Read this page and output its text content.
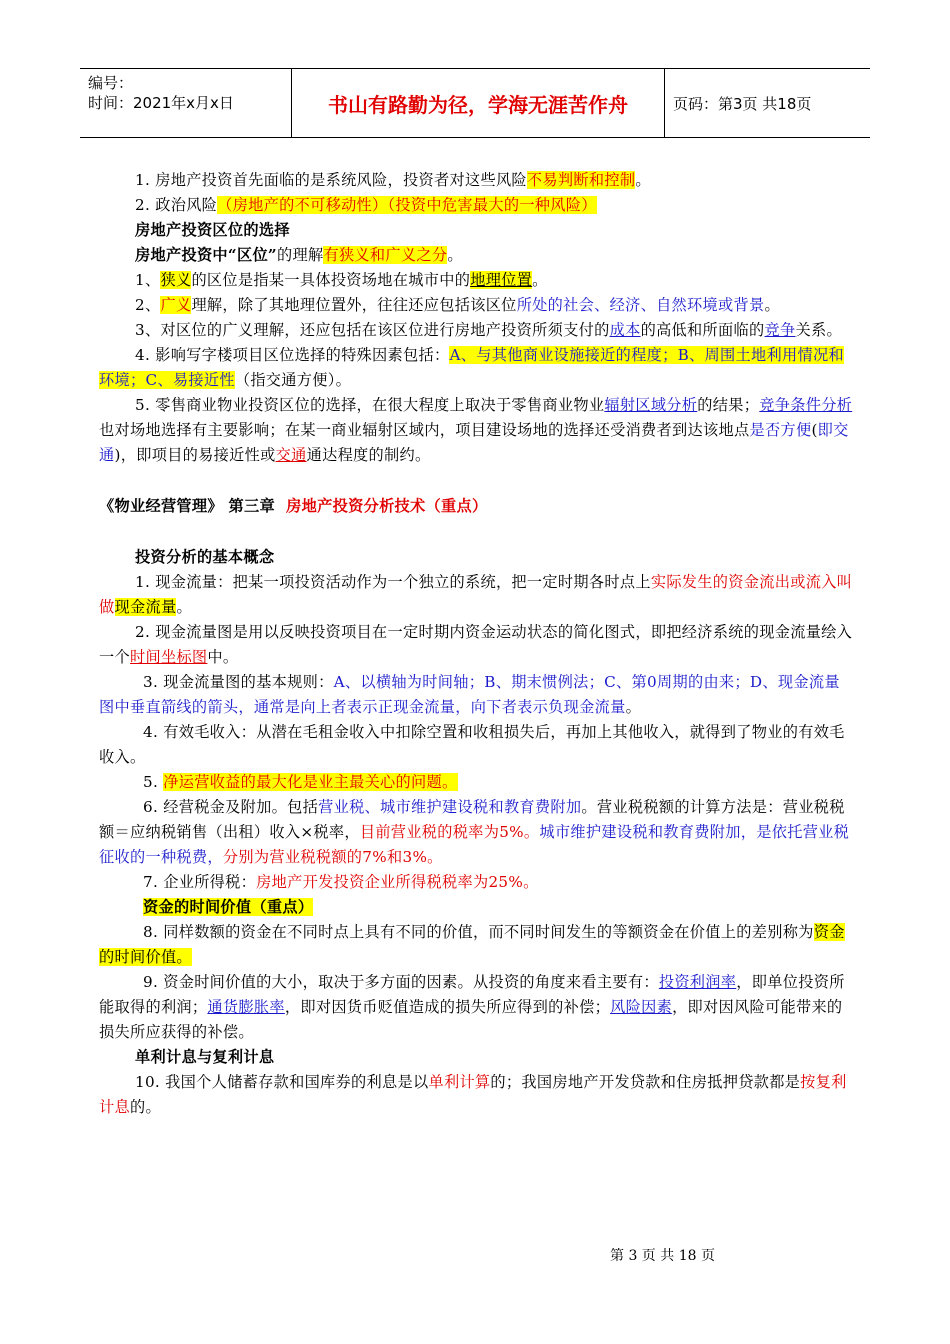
编号：
时间：2021年x月x日	书山有路勤为径，学海无涯苦作舟	页码：第3页 共18页

1. 房地产投资首先面临的是系统风险，投资者对这些风险不易判断和控制。

2. 政治风险（房地产的不可移动性）（投资中危害最大的一种风险）

房地产投资区位的选择

房地产投资中“区位”的理解有狭义和广义之分。

1、狭义的区位是指某一具体投资场地在城市中的地理位置。

2、广义理解，除了其地理位置外，往往还应包括该区位所处的社会、经济、自然环境或背景。

3、对区位的广义理解，还应包括在该区位进行房地产投资所须支付的成本的高低和所面临的竞争关系。

4. 影响写字楼项目区位选择的特殊因素包括：A、与其他商业设施接近的程度；B、周围土地利用情况和环境；C、易接近性（指交通方便）。

5. 零售商业物业投资区位的选择，在很大程度上取决于零售商业物业辐射区域分析的结果；竞争条件分析也对场地选择有主要影响；在某一商业辐射区域内，项目建设场地的选择还受消费者到达该地点是否方便(即交通)，即项目的易接近性或交通通达程度的制约。

《物业经营管理》 第三章 房地产投资分析技术（重点）

投资分析的基本概念

1. 现金流量：把某一项投资活动作为一个独立的系统，把一定时期各时点上实际发生的资金流出或流入叫做现金流量。

2. 现金流量图是用以反映投资项目在一定时期内资金运动状态的简化图式，即把经济系统的现金流量绘入一个时间坐标图中。

3. 现金流量图的基本规则：A、以横轴为时间轴；B、期末惯例法；C、第0周期的由来；D、现金流量图中垂直箭线的箭头，通常是向上者表示正现金流量，向下者表示负现金流量。

4. 有效毛收入：从潜在毛租金收入中扣除空置和收租损失后，再加上其他收入，就得到了物业的有效毛收入。

5. 净运营收益的最大化是业主最关心的问题。

6. 经营税金及附加。包括营业税、城市维护建设税和教育费附加。营业税税额的计算方法是：营业税税额＝应纳税销售（出租）收入×税率，目前营业税的税率为5%。城市维护建设税和教育费附加，是依托营业税征收的一种税费，分别为营业税税额的7%和3%。

7. 企业所得税：房地产开发投资企业所得税税率为25%。

资金的时间价值（重点）

8. 同样数额的资金在不同时点上具有不同的价值，而不同时间发生的等额资金在价值上的差别称为资金的时间价值。

9. 资金时间价值的大小，取决于多方面的因素。从投资的角度来看主要有：投资利润率，即单位投资所能取得的利润；通货膨胀率，即对因货币贬值造成的损失所应得到的补偿；风险因素，即对因风险可能带来的损失所应获得的补偿。

单利计息与复利计息

10. 我国个人储蓄存款和国库券的利息是以单利计算的；我国房地产开发贷款和住房抵押贷款都是按复利计息的。

第 3 页 共 18 页
